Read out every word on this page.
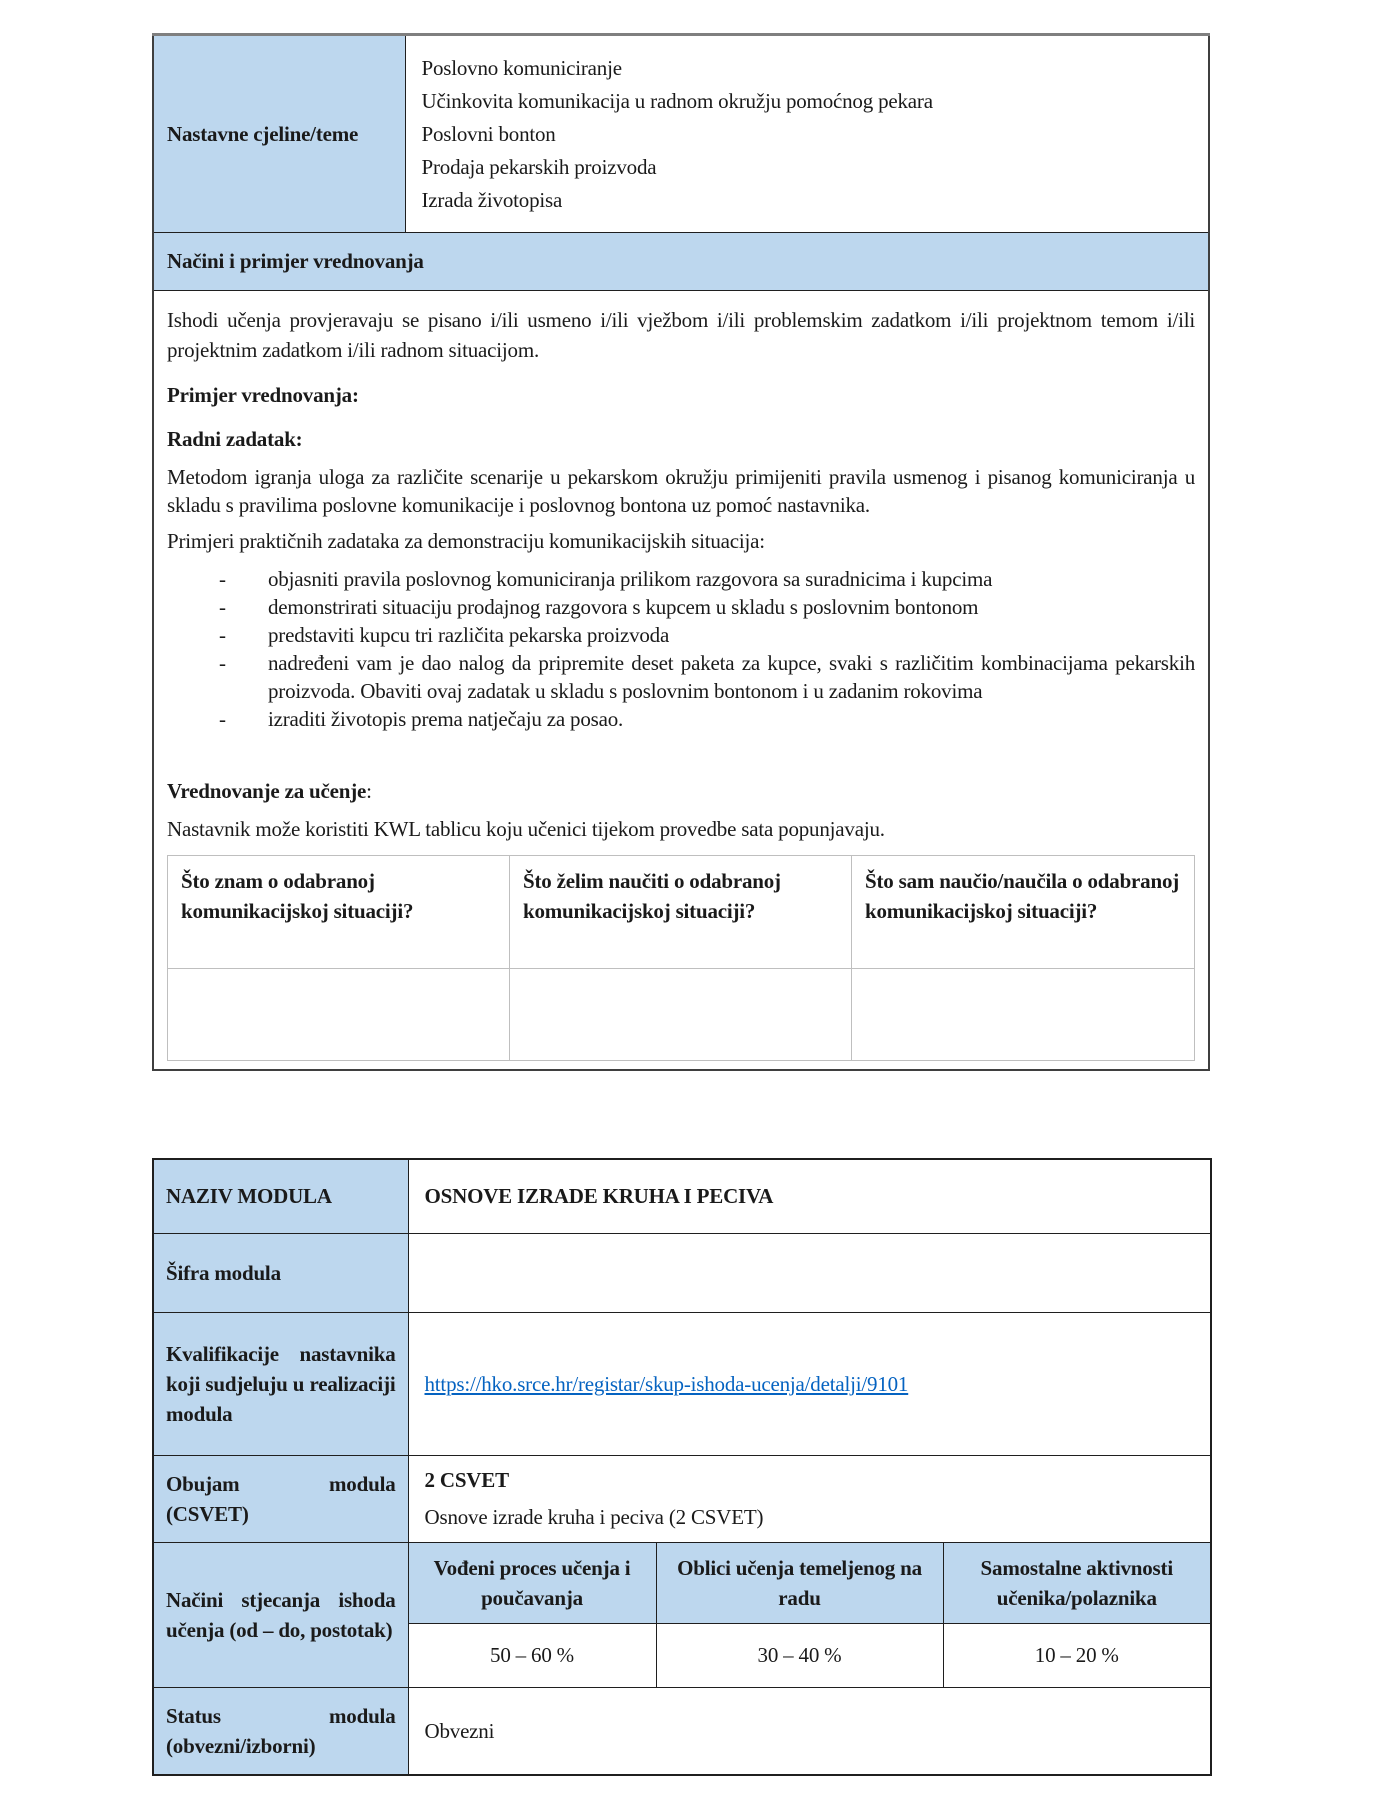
Nastavne cjeline/teme	
Poslovno komuniciranje
Učinkovita komunikacija u radnom okružju pomoćnog pekara
Poslovni bonton
Prodaja pekarskih proizvoda
Izrada životopisa

Načini i primjer vrednovanja

Ishodi učenja provjeravaju se pisano i/ili usmeno i/ili vježbom i/ili problemskim zadatkom i/ili projektnom temom i/ili projektnim zadatkom i/ili radnom situacijom.

Primjer vrednovanja:

Radni zadatak:

Metodom igranja uloga za različite scenarije u pekarskom okružju primijeniti pravila usmenog i pisanog komuniciranja u skladu s pravilima poslovne komunikacije i poslovnog bontona uz pomoć nastavnika.

Primjeri praktičnih zadataka za demonstraciju komunikacijskih situacija:

- objasniti pravila poslovnog komuniciranja prilikom razgovora sa suradnicima i kupcima
- demonstrirati situaciju prodajnog razgovora s kupcem u skladu s poslovnim bontonom
- predstaviti kupcu tri različita pekarska proizvoda
- nadređeni vam je dao nalog da pripremite deset paketa za kupce, svaki s različitim kombinacijama pekarskih proizvoda. Obaviti ovaj zadatak u skladu s poslovnim bontonom i u zadanim rokovima
- izraditi životopis prema natječaju za posao.

Vrednovanje za učenje:

Nastavnik može koristiti KWL tablicu koju učenici tijekom provedbe sata popunjavaju.

Što znam o odabranoj komunikacijskoj situaciji?	Što želim naučiti o odabranoj komunikacijskoj situaciji?	Što sam naučio/naučila o odabranoj komunikacijskoj situaciji?

NAZIV MODULA	OSNOVE IZRADE KRUHA I PECIVA		
Šifra modula			
Kvalifikacije nastavnika koji sudjeluju u realizaciji modula	https://hko.srce.hr/registar/skup-ishoda-ucenja/detalji/9101		
Obujam modula (CSVET)	2 CSVET

Osnove izrade kruha i peciva (2 CSVET)		

Načini stjecanja ishoda učenja (od – do, postotak)	Vođeni proces učenja i poučavanja	Oblici učenja temeljenog na radu	Samostalne aktivnosti učenika/polaznika
	50 – 60 %	30 – 40 %	10 – 20 %
Status modula (obvezni/izborni)	Obvezni		
